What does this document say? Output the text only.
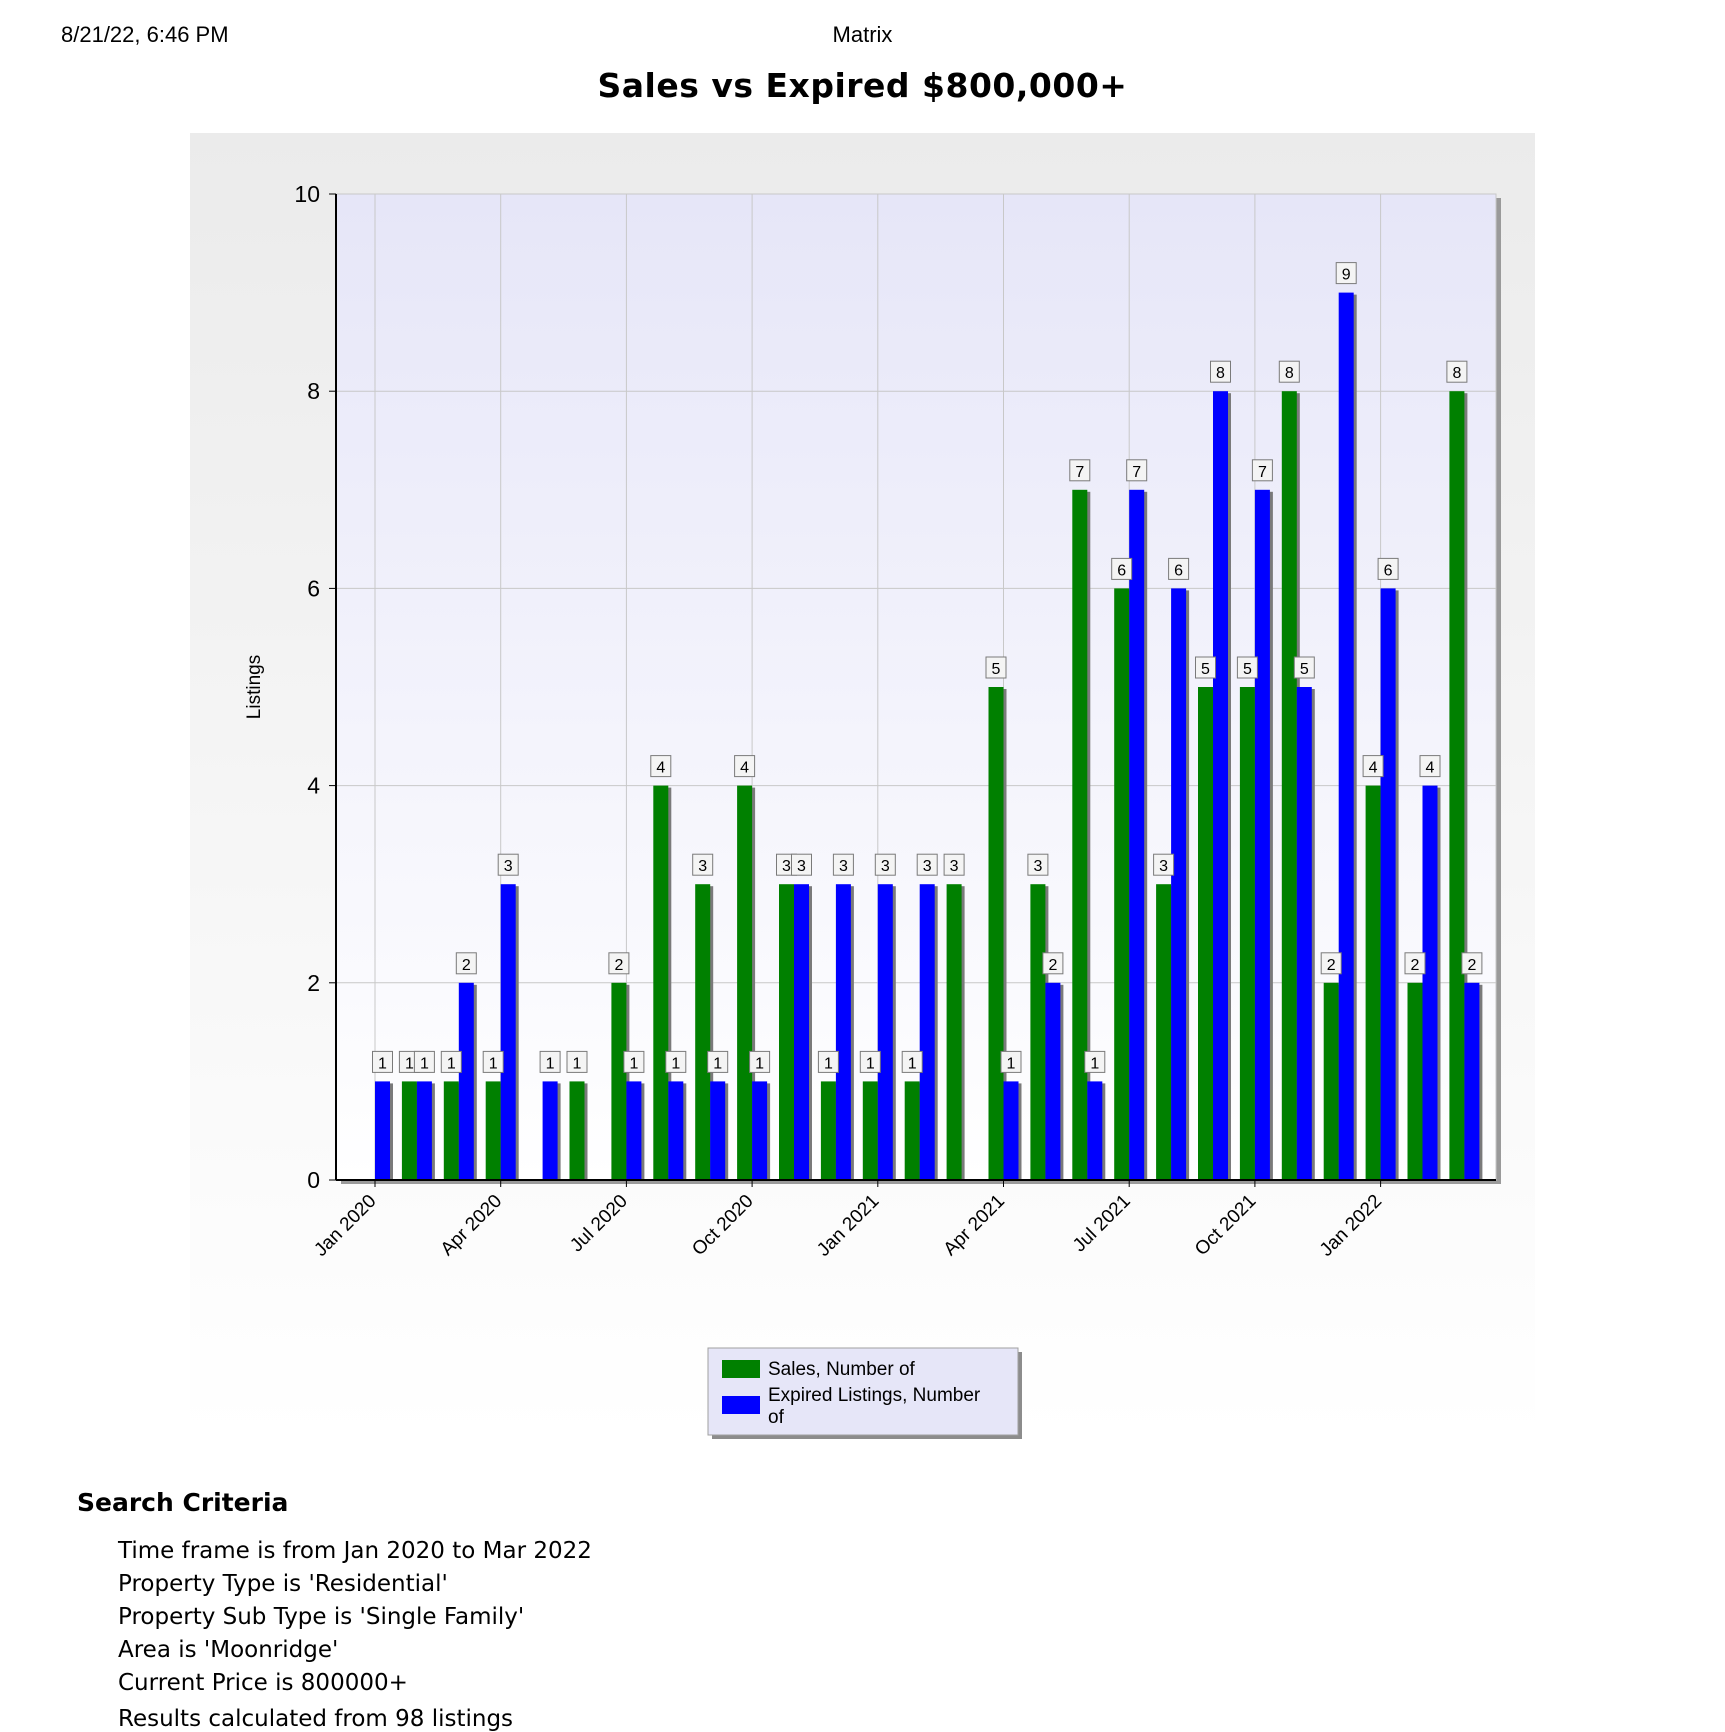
8/21/22, 6:46 PM	Matrix
Sales vs Expired $800,000+
1 1 1	1
2
4
3
4
3
1 1 1
3
5
3
7
6
3
5 5
8
2
4
2
8
1 1
2
3
1	1 1 1 1
3 3 3 3
1
2
1
7
6
8
7
5
9
6
4
2
0
2
4
6
8
10
Jan 2020	Apr 2020	Jul 2020	Oct 2020	Jan 2021	Apr 2021	Jul 2021	Oct 2021	Jan 2022
Listings
Sales, Number of
Expired Listings, Number of
Search Criteria
Time frame is from Jan 2020 to Mar 2022
Property Type is 'Residential'
Property Sub Type is 'Single Family'
Area is 'Moonridge'
Current Price is 800000+
Results calculated from 98 listings
